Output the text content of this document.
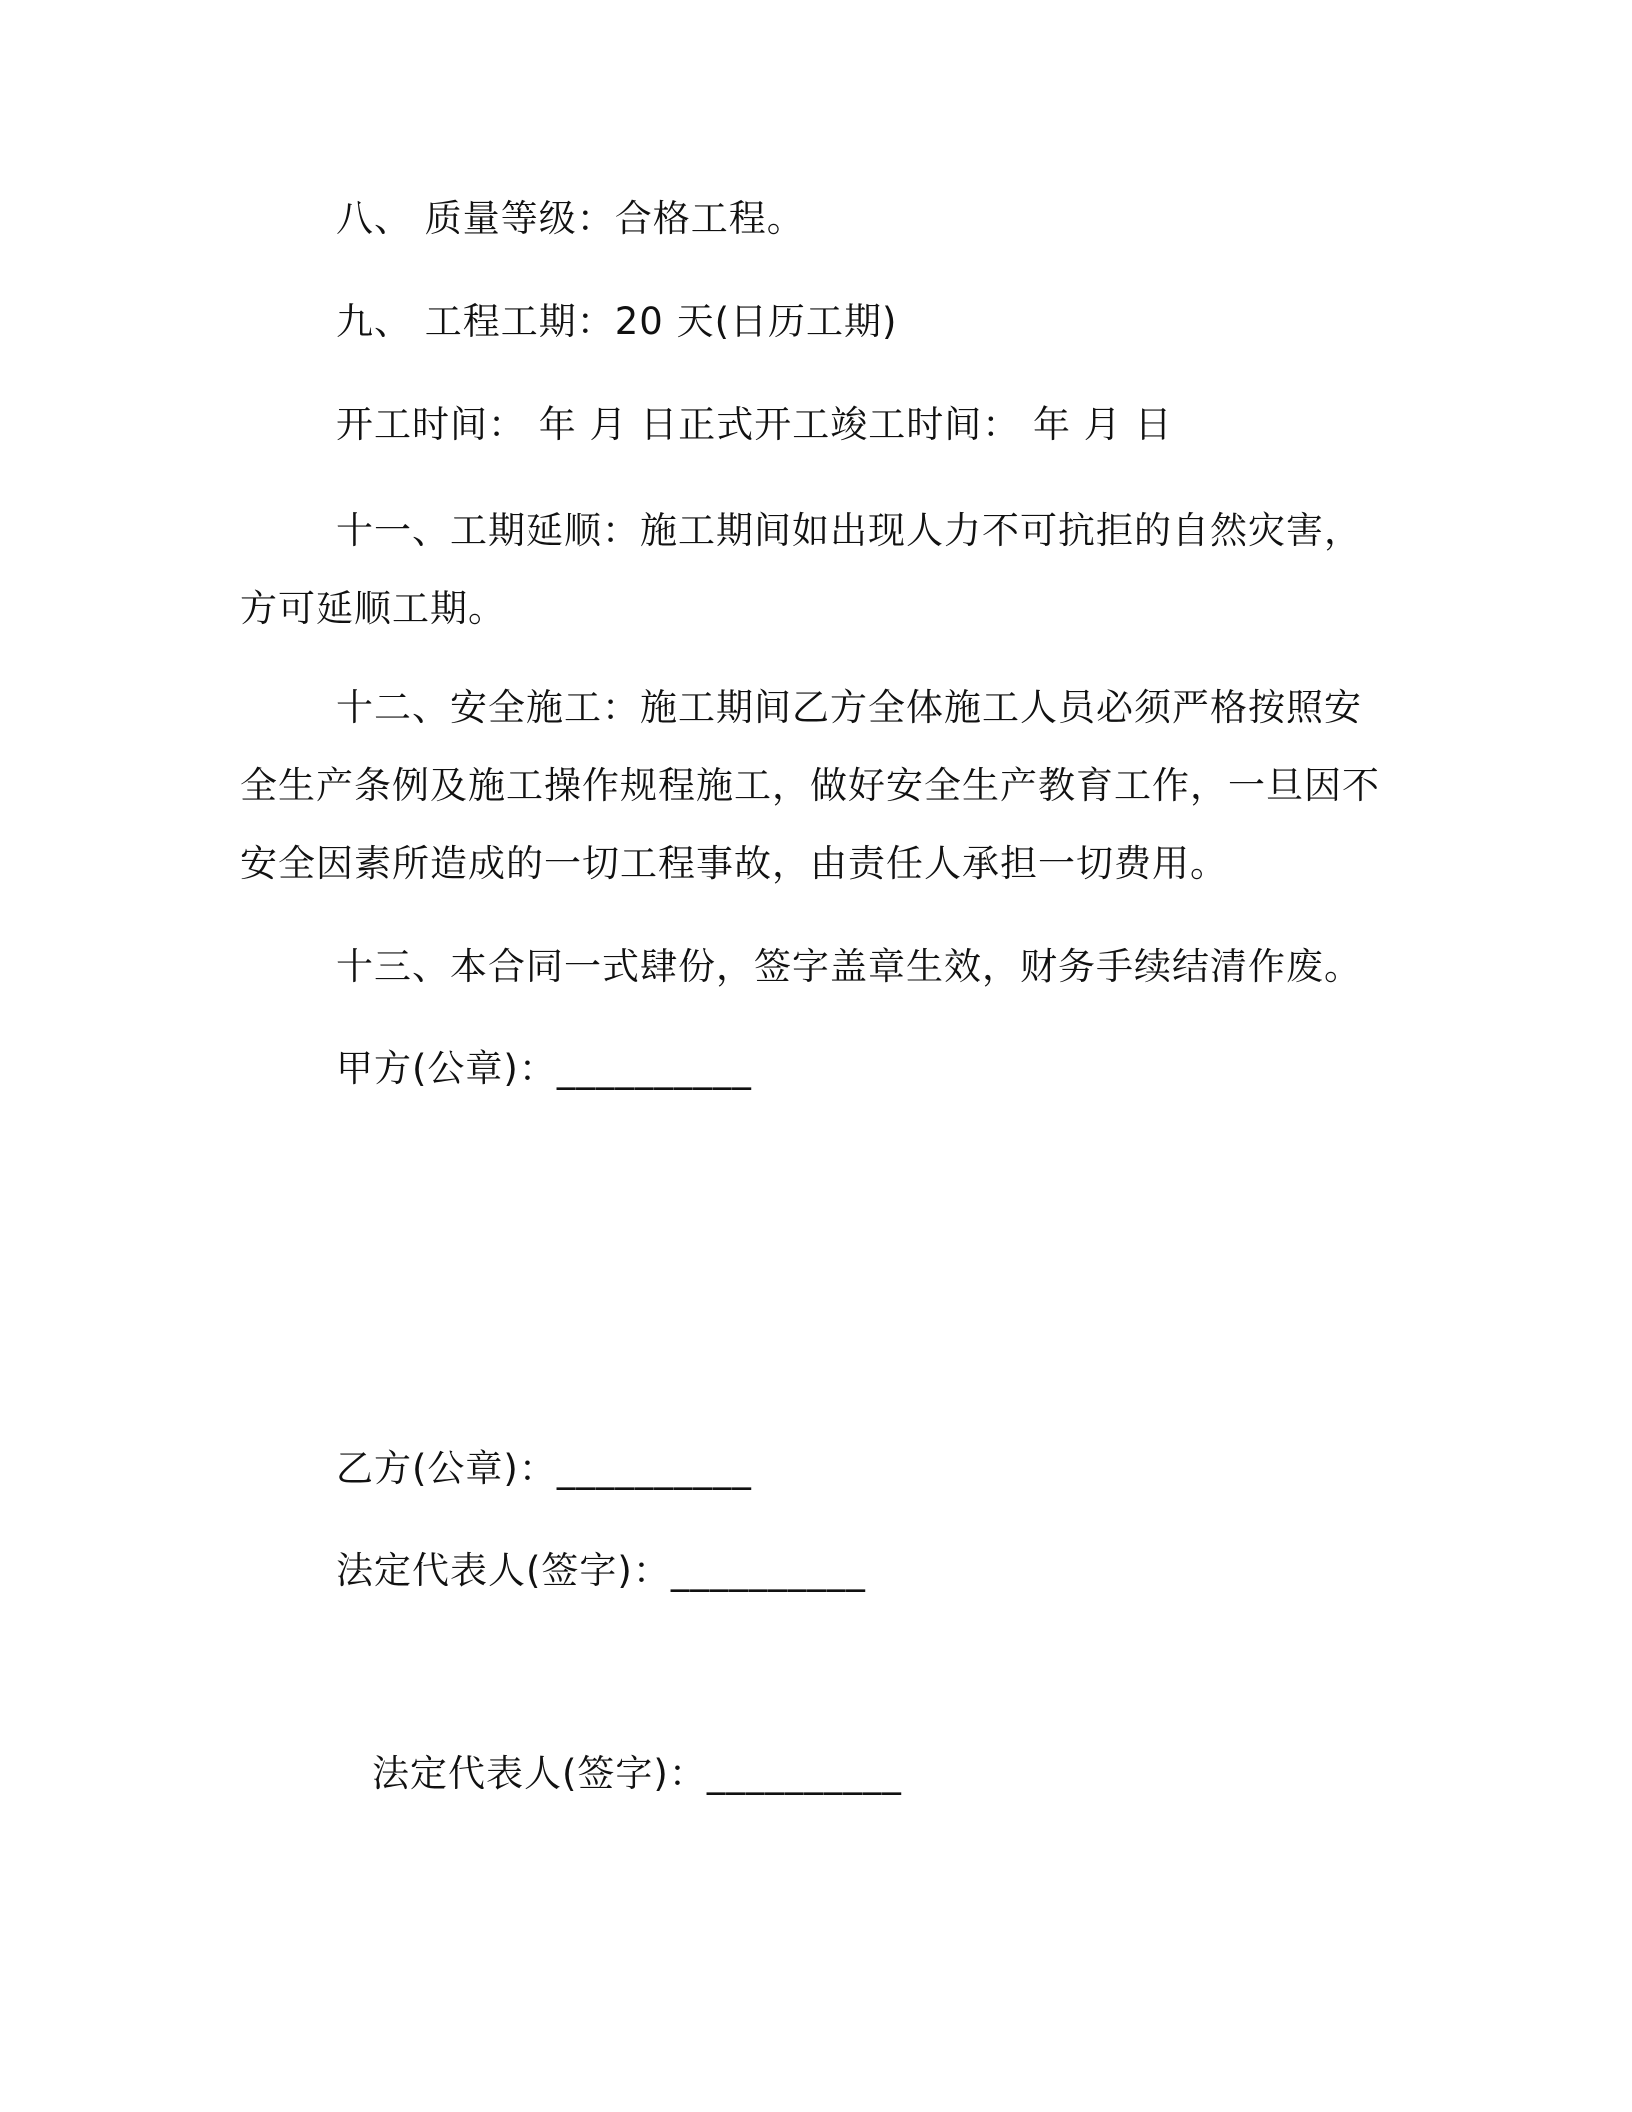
八、 质量等级：合格工程。
九、 工程工期：20 天(日历工期)
开工时间： 年 月 日正式开工竣工时间： 年 月 日
十一、工期延顺：施工期间如出现人力不可抗拒的自然灾害，方可延顺工期。
十二、安全施工：施工期间乙方全体施工人员必须严格按照安全生产条例及施工操作规程施工，做好安全生产教育工作，一旦因不安全因素所造成的一切工程事故，由责任人承担一切费用。
十三、本合同一式肆份，签字盖章生效，财务手续结清作废。
甲方(公章)：__________
乙方(公章)：__________
法定代表人(签字)：__________
法定代表人(签字)：__________
